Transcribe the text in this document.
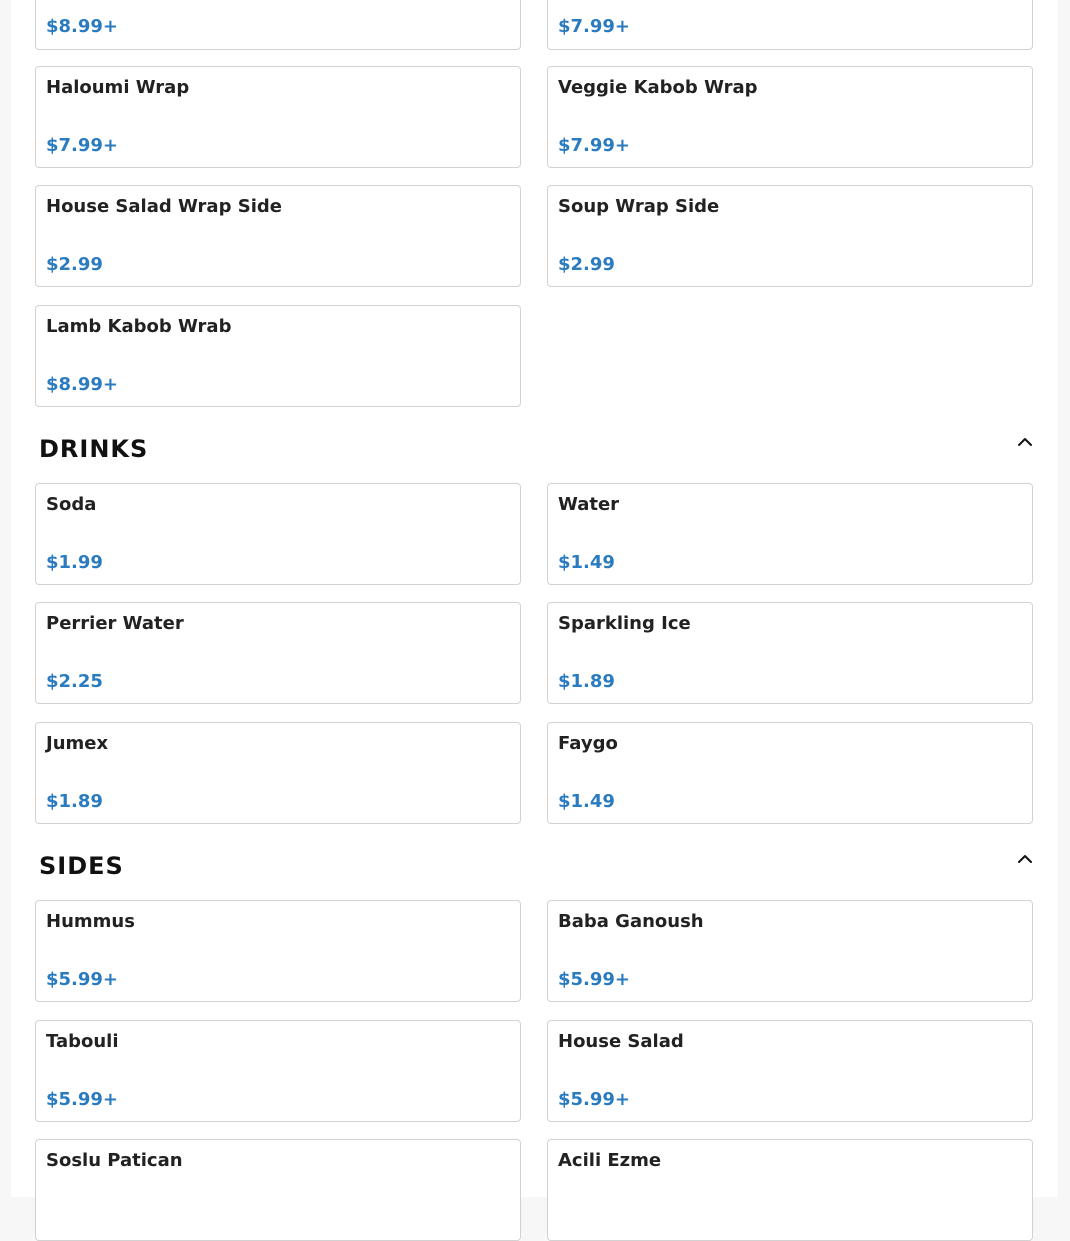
$8.99+	$7.99+
Haloumi Wrap
$7.99+
Veggie Kabob Wrap
$7.99+
House Salad Wrap Side
$2.99
Soup Wrap Side
$2.99
Lamb Kabob Wrab
$8.99+
DRINKS
Soda
$1.99
Water
$1.49
Perrier Water
$2.25
Sparkling Ice
$1.89
Jumex
$1.89
Faygo
$1.49
SIDES
Hummus
$5.99+
Baba Ganoush
$5.99+
Tabouli
$5.99+
House Salad
$5.99+
Soslu Patican	Acili Ezme
